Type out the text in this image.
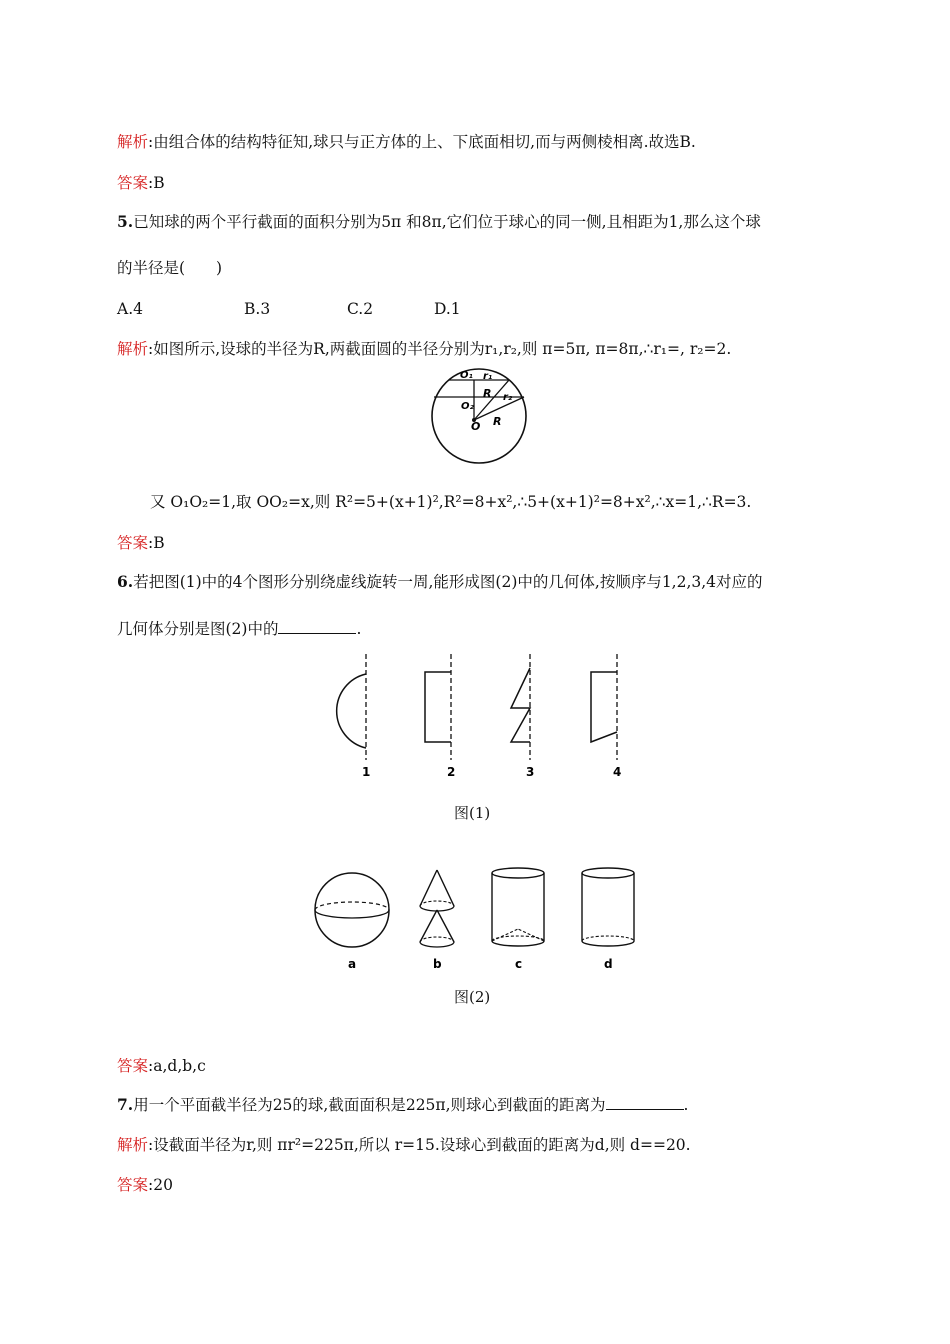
解析:由组合体的结构特征知,球只与正方体的上、下底面相切,而与两侧棱相离.故选B.
答案:B
5.已知球的两个平行截面的面积分别为5π 和8π,它们位于球心的同一侧,且相距为1,那么这个球
的半径是(　　)
A.4	B.3	C.2	D.1
解析:如图所示,设球的半径为R,两截面圆的半径分别为r₁,r₂,则 π=5π, π=8π,∴r₁=, r₂=2.
O₁ r₁
O₂
r₂
R
O R
又 O₁O₂=1,取 OO₂=x,则 R²=5+(x+1)²,R²=8+x²,∴5+(x+1)²=8+x²,∴x=1,∴R=3.
答案:B
6.若把图(1)中的4个图形分别绕虚线旋转一周,能形成图(2)中的几何体,按顺序与1,2,3,4对应的
几何体分别是图(2)中的	.
1	2	3	4
图(1)
a	b	c	d
图(2)
答案:a,d,b,c
7.用一个平面截半径为25的球,截面面积是225π,则球心到截面的距离为	.
解析:设截面半径为r,则 πr²=225π,所以 r=15.设球心到截面的距离为d,则 d==20.
答案:20
